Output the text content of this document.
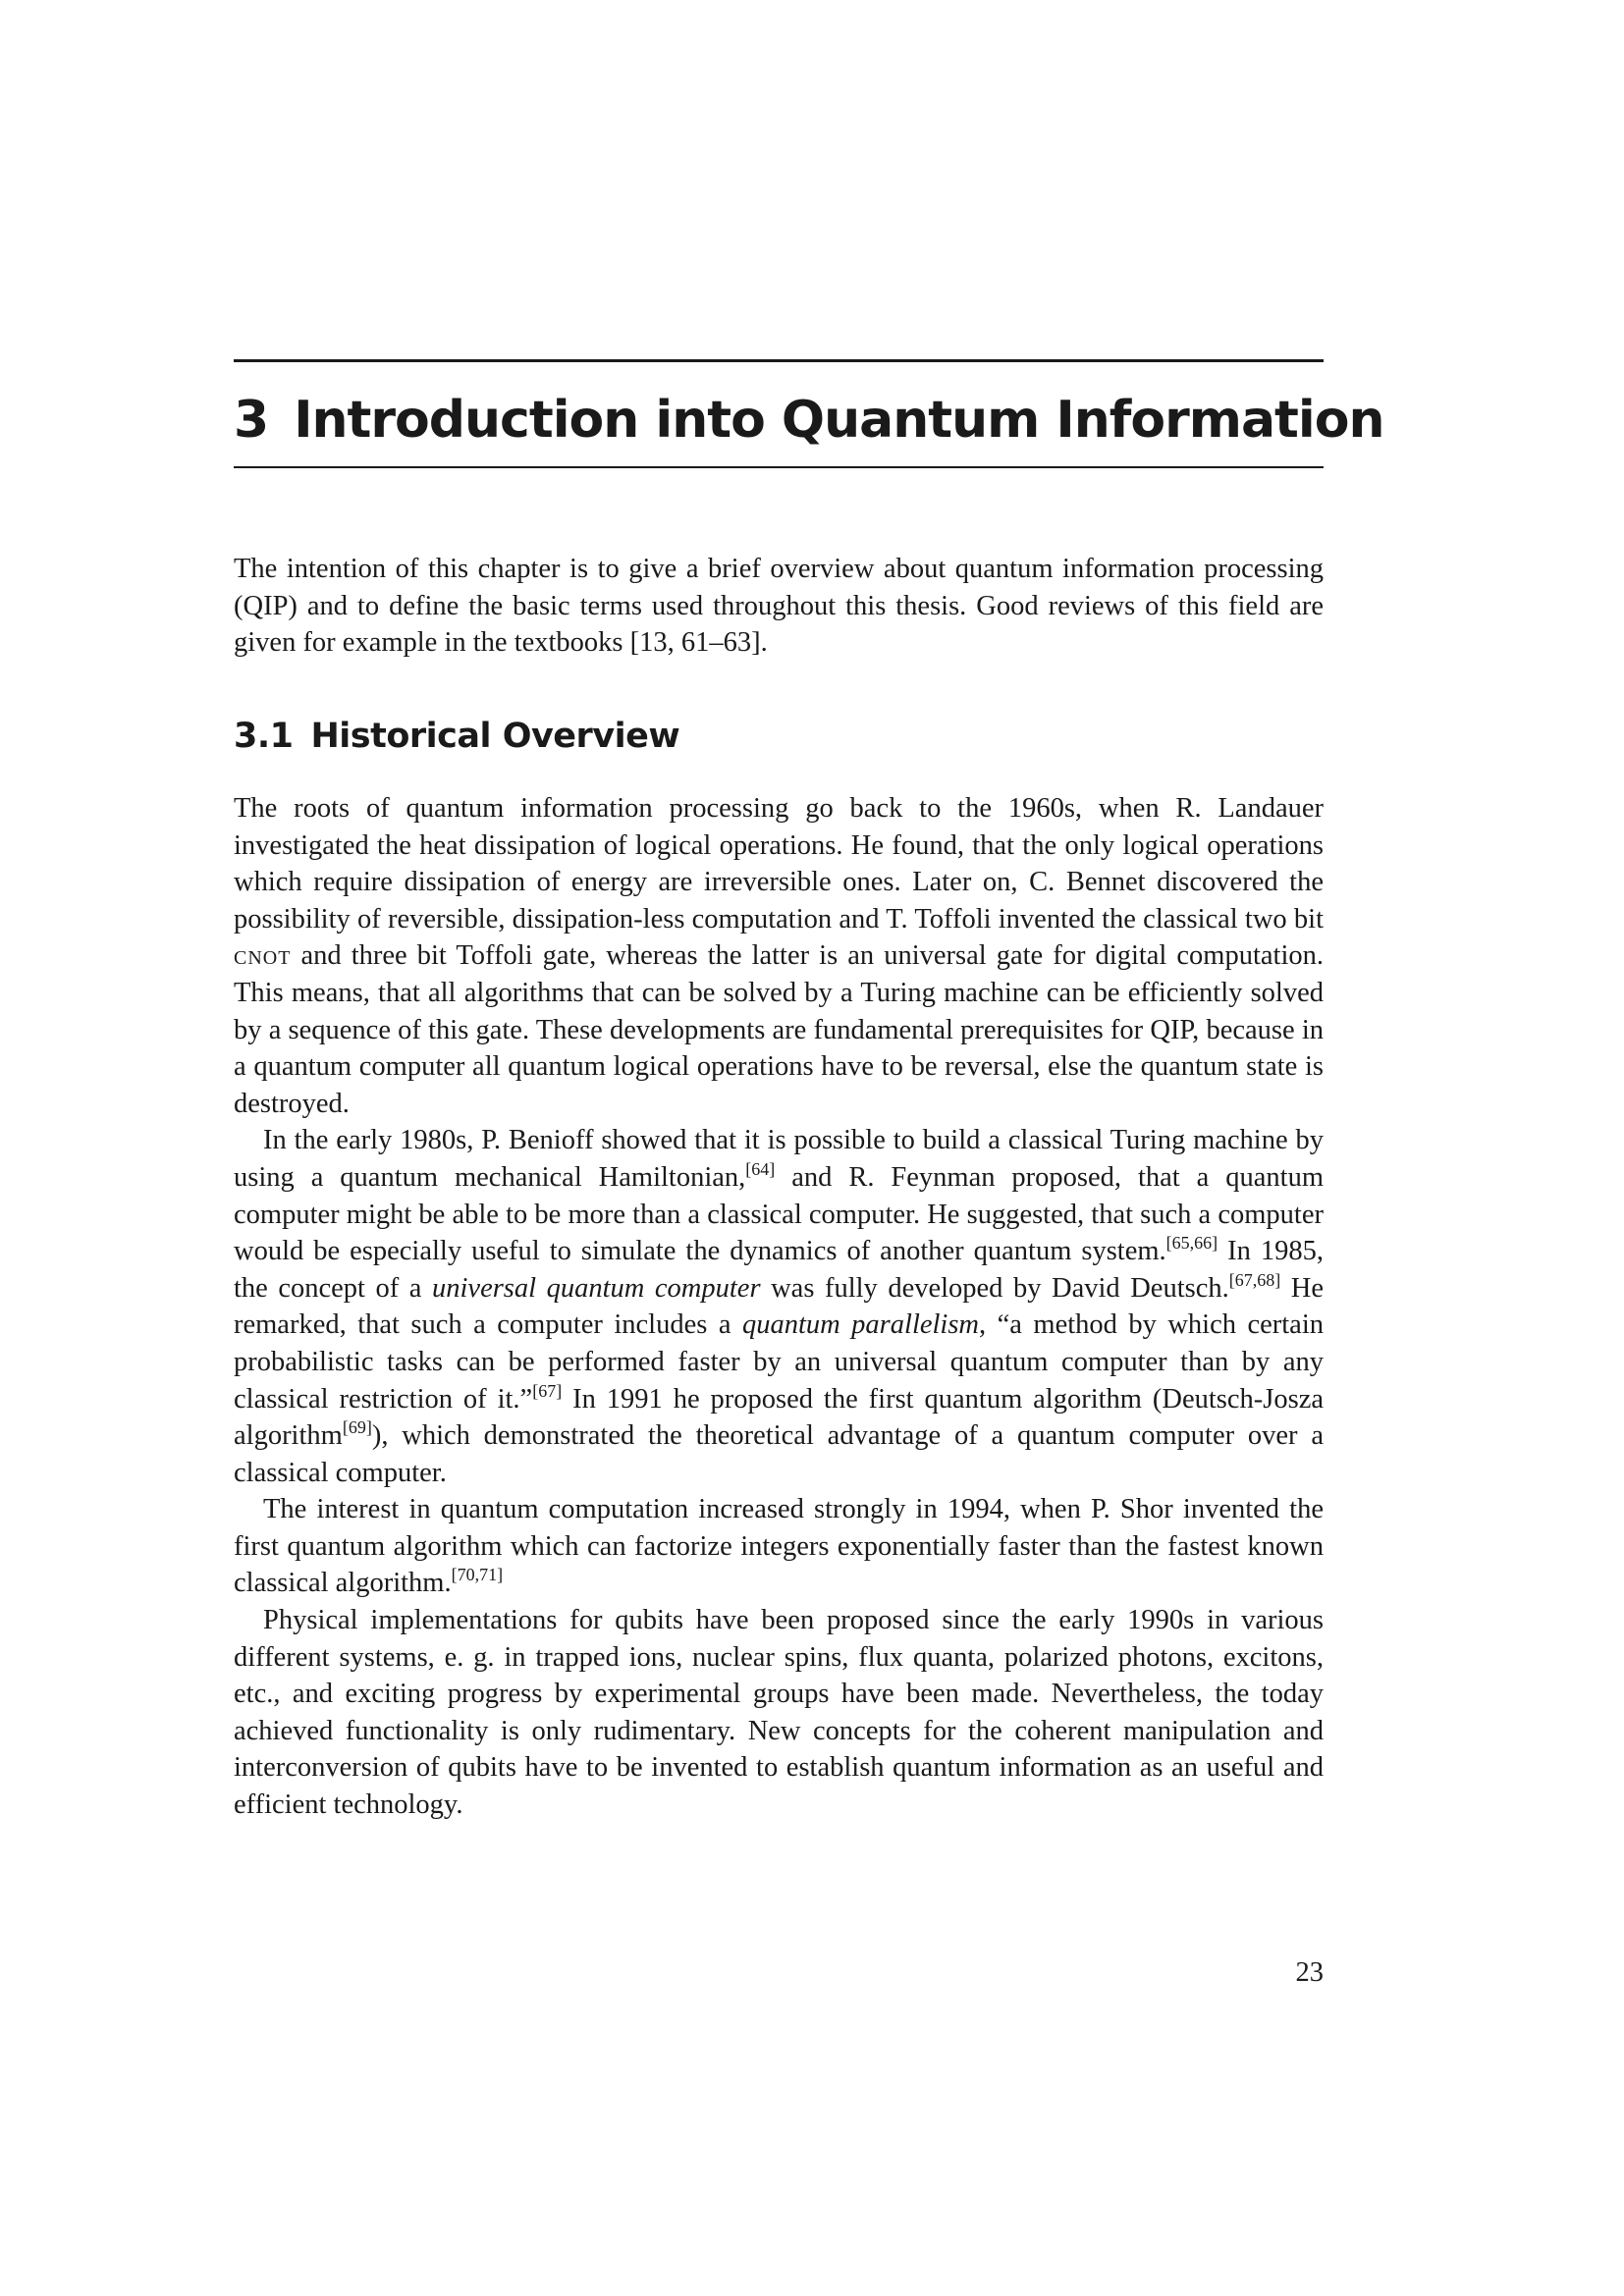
3 Introduction into Quantum Information

The intention of this chapter is to give a brief overview about quantum information processing (QIP) and to define the basic terms used throughout this thesis. Good reviews of this field are given for example in the textbooks [13, 61–63].

3.1 Historical Overview

The roots of quantum information processing go back to the 1960s, when R. Landauer investigated the heat dissipation of logical operations. He found, that the only logical operations which require dissipation of energy are irreversible ones. Later on, C. Bennet discovered the possibility of reversible, dissipation-less computation and T. Toffoli invented the classical two bit cnot and three bit Toffoli gate, whereas the latter is an universal gate for digital computation. This means, that all algorithms that can be solved by a Turing machine can be efficiently solved by a sequence of this gate. These developments are fundamental prerequisites for QIP, because in a quantum computer all quantum logical operations have to be reversal, else the quantum state is destroyed.

In the early 1980s, P. Benioff showed that it is possible to build a classical Turing machine by using a quantum mechanical Hamiltonian,[64] and R. Feynman proposed, that a quantum computer might be able to be more than a classical computer. He suggested, that such a computer would be especially useful to simulate the dynamics of another quantum system.[65,66] In 1985, the concept of a universal quantum computer was fully developed by David Deutsch.[67,68] He remarked, that such a computer includes a quantum parallelism, “a method by which certain probabilistic tasks can be performed faster by an universal quantum computer than by any classical restriction of it.”[67] In 1991 he proposed the first quantum algorithm (Deutsch-Josza algorithm[69]), which demonstrated the theoretical advantage of a quantum computer over a classical computer.

The interest in quantum computation increased strongly in 1994, when P. Shor invented the first quantum algorithm which can factorize integers exponentially faster than the fastest known classical algorithm.[70,71]

Physical implementations for qubits have been proposed since the early 1990s in various different systems, e. g. in trapped ions, nuclear spins, flux quanta, polarized photons, excitons, etc., and exciting progress by experimental groups have been made. Nevertheless, the today achieved functionality is only rudimentary. New concepts for the coherent manipulation and interconversion of qubits have to be invented to establish quantum information as an useful and efficient technology.

23
